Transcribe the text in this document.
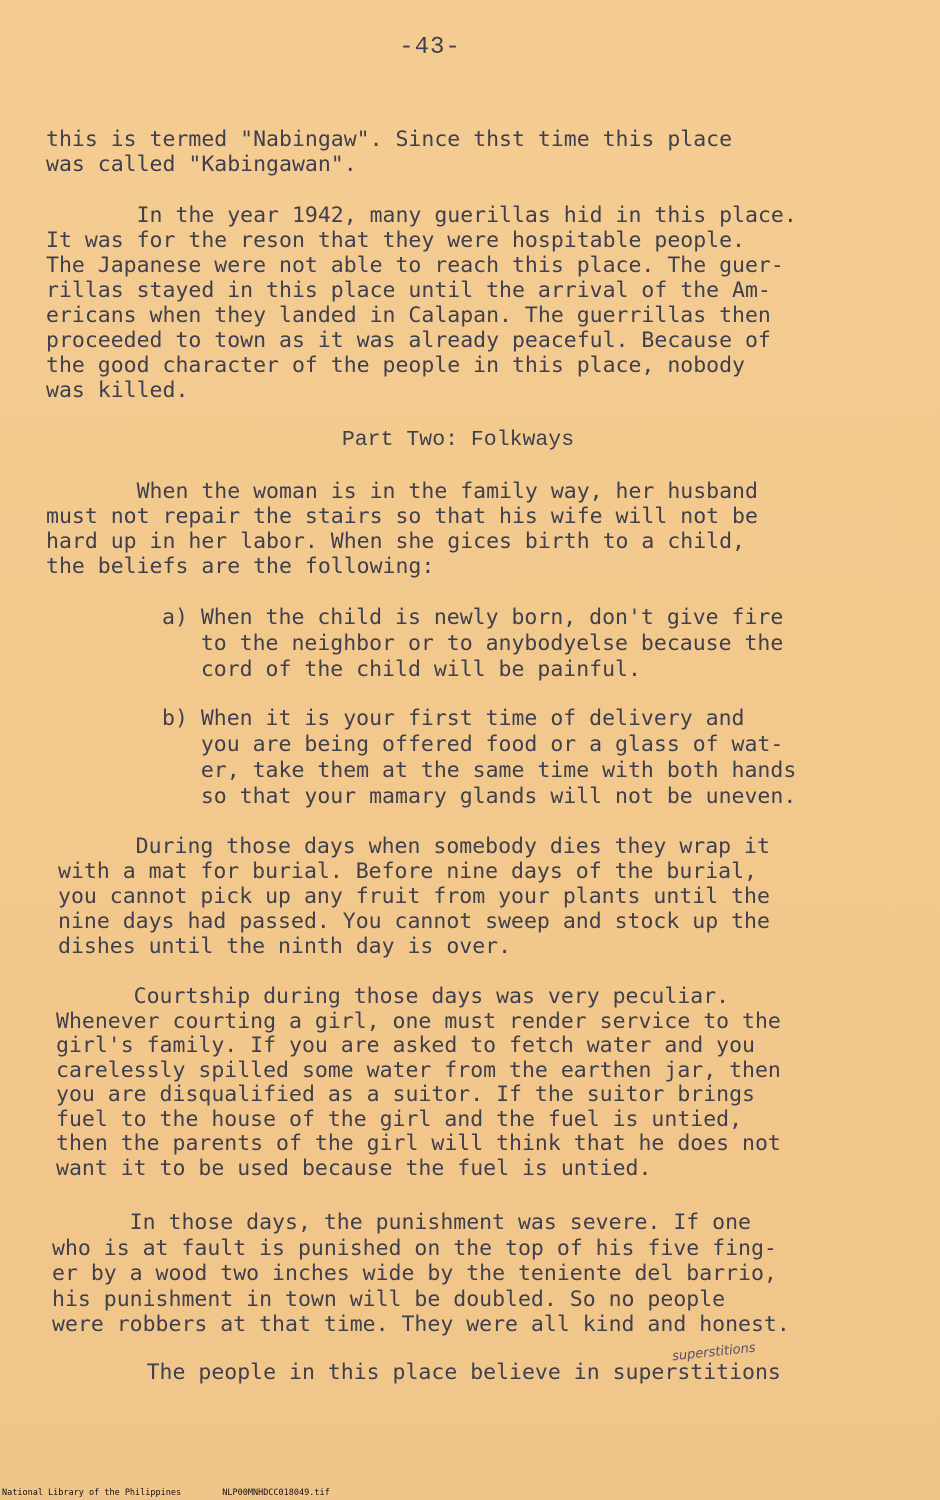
-43-
this is termed "Nabingaw". Since thst time this place
was called "Kabingawan".
In the year 1942, many guerillas hid in this place.
It was for the reson that they were hospitable people.
The Japanese were not able to reach this place. The guer-
rillas stayed in this place until the arrival of the Am-
ericans when they landed in Calapan. The guerrillas then
proceeded to town as it was already peaceful. Because of
the good character of the people in this place, nobody
was killed.
Part Two: Folkways
When the woman is in the family way, her husband
must not repair the stairs so that his wife will not be
hard up in her labor. When she gices birth to a child,
the beliefs are the following:
a) When the child is newly born, don't give fire
to the neighbor or to anybodyelse because the
cord of the child will be painful.
b) When it is your first time of delivery and
you are being offered food or a glass of wat-
er, take them at the same time with both hands
so that your mamary glands will not be uneven.
During those days when somebody dies they wrap it
with a mat for burial. Before nine days of the burial,
you cannot pick up any fruit from your plants until the
nine days had passed. You cannot sweep and stock up the
dishes until the ninth day is over.
Courtship during those days was very peculiar.
Whenever courting a girl, one must render service to the
girl's family. If you are asked to fetch water and you
carelessly spilled some water from the earthen jar, then
you are disqualified as a suitor. If the suitor brings
fuel to the house of the girl and the fuel is untied,
then the parents of the girl will think that he does not
want it to be used because the fuel is untied.
In those days, the punishment was severe. If one
who is at fault is punished on the top of his five fing-
er by a wood two inches wide by the teniente del barrio,
his punishment in town will be doubled. So no people
were robbers at that time. They were all kind and honest.
The people in this place believe in superstitions
superstitions
National Library of the Philippines	NLP00MNHDCC018049.tif
